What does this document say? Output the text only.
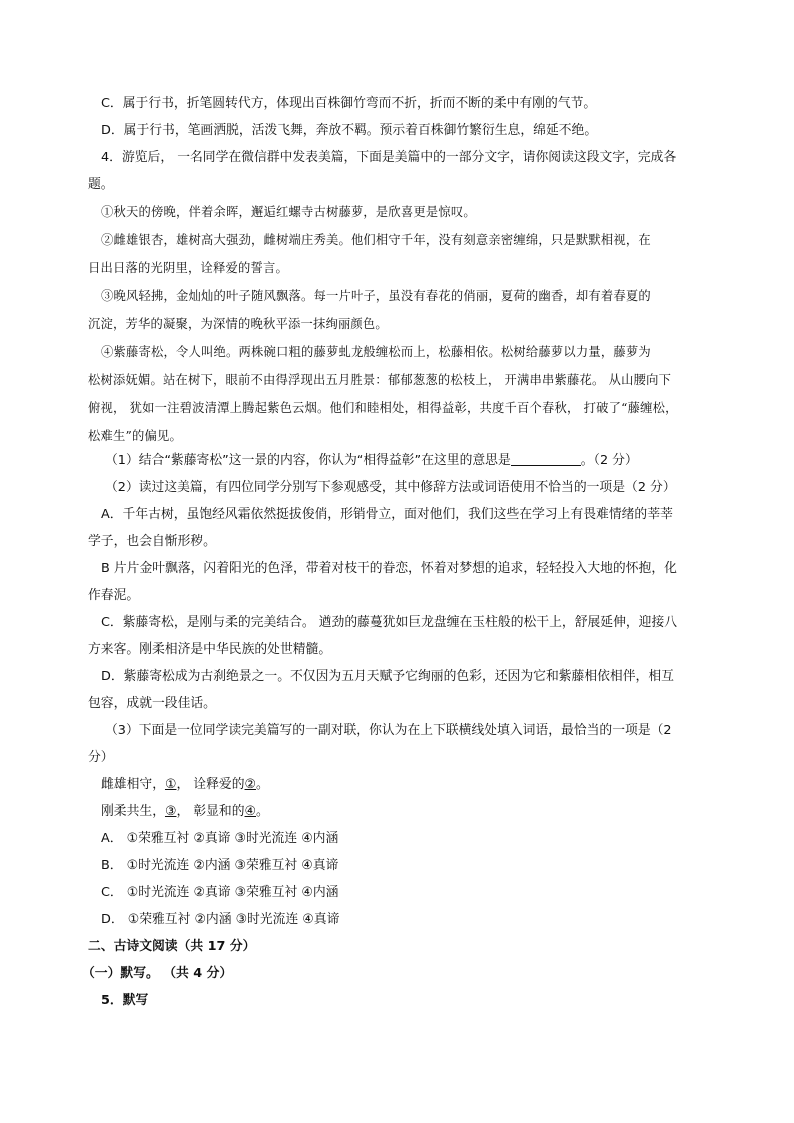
C．属于行书，折笔圆转代方，体现出百株御竹弯而不折，折而不断的柔中有刚的气节。
D．属于行书，笔画洒脱，活泼飞舞，奔放不羁。预示着百株御竹繁衍生息，绵延不绝。
4．游览后， 一名同学在微信群中发表美篇，下面是美篇中的一部分文字，请你阅读这段文字，完成各
题。
①秋天的傍晚，伴着余晖，邂逅红螺寺古树藤萝，是欣喜更是惊叹。
②雌雄银杏，雄树高大强劲，雌树端庄秀美。他们相守千年，没有刻意亲密缠绵，只是默默相视，在
日出日落的光阴里，诠释爱的誓言。
③晚风轻拂，金灿灿的叶子随风飘落。每一片叶子，虽没有春花的俏丽，夏荷的幽香，却有着春夏的
沉淀，芳华的凝聚，为深情的晚秋平添一抹绚丽颜色。
④紫藤寄松，令人叫绝。两株碗口粗的藤萝虬龙般缠松而上，松藤相依。松树给藤萝以力量，藤萝为
松树添妩媚。站在树下，眼前不由得浮现出五月胜景：郁郁葱葱的松枝上， 开满串串紫藤花。 从山腰向下
俯视， 犹如一注碧波清潭上腾起紫色云烟。他们和睦相处，相得益彰，共度千百个春秋， 打破了“藤缠松，
松难生”的偏见。
（1）结合“紫藤寄松”这一景的内容，你认为“相得益彰”在这里的意思是	。（2 分）
（2）读过这美篇，有四位同学分别写下参观感受，其中修辞方法或词语使用不恰当的一项是（2 分）
A．千年古树，虽饱经风霜依然挺拔俊俏，形销骨立，面对他们，我们这些在学习上有畏难情绪的莘莘
学子，也会自惭形秽。
B 片片金叶飘落，闪着阳光的色泽，带着对枝干的眷恋，怀着对梦想的追求，轻轻投入大地的怀抱，化
作春泥。
C．紫藤寄松，是刚与柔的完美结合。 遒劲的藤蔓犹如巨龙盘缠在玉柱般的松干上，舒展延伸，迎接八
方来客。刚柔相济是中华民族的处世精髓。
D．紫藤寄松成为古刹绝景之一。不仅因为五月天赋予它绚丽的色彩，还因为它和紫藤相依相伴，相互
包容，成就一段佳话。
（3）下面是一位同学读完美篇写的一副对联，你认为在上下联横线处填入词语，最恰当的一项是（2
分）
雌雄相守，①， 诠释爱的②。
刚柔共生，③， 彰显和的④。
A． ①荣雅互衬 ②真谛 ③时光流连 ④内涵
B． ①时光流连 ②内涵 ③荣雅互衬 ④真谛
C． ①时光流连 ②真谛 ③荣雅互衬 ④内涵
D． ①荣雅互衬 ②内涵 ③时光流连 ④真谛
二、古诗文阅读（共 17 分）
（一）默写。 （共 4 分）
5．默写
